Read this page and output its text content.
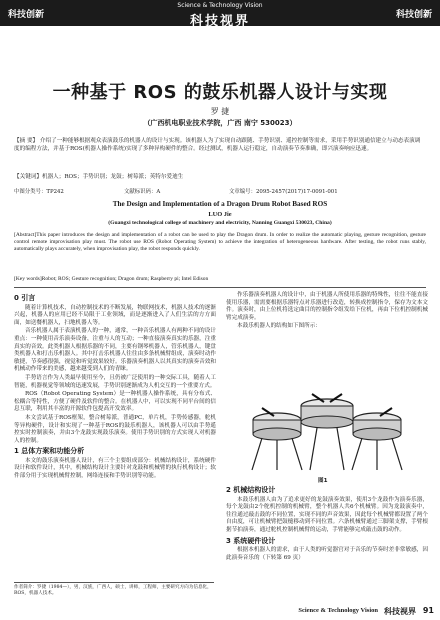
科技创新
Science & Technology Vision
科技视界	科技创新
一种基于 ROS 的鼓乐机器人设计与实现
罗 捷
（广西机电职业技术学院，广西 南宁 530023）
【摘 要】 介绍了一种能够根据观众表演鼓乐的机器人的设计与实现。该机器人为了实现自动跟随、手势识别、遥控控制等需求，采用手势识别通信建立与动态表演调度的编程方法，并基于ROS(机器人操作系统)实现了多种异构硬件的整合。经过测试，机器人运行稳定，自动演奏节奏准确，即兴演奏响应迅速。
【关键词】机器人；ROS；手势识别；龙鼓；树莓派；英特尔爱迪生
中图分类号：TP242	文献标识码：A	文章编号：2095-2457(2017)17-0091-001
The Design and Implementation of a Dragon Drum Robot Based ROS
LUO Jie
(Guangxi technological college of machinery and electricity, Nanning Guangxi 530023, China)
[Abstract]This paper introduces the design and implementation of a robot can be used to play the Dragon drum. In order to realize the automatic playing, gesture recognition, gesture control remote improvisation play must. The robot use ROS (Robot Operating System) to achieve the integration of heterogeneous hardware. After testing, the robot runs stably, automatically plays accurately, when improvisation play, the robot responds quickly.
[Key words]Robot; ROS; Gesture recognition; Dragon drum; Raspberry pi; Intel Edison
0 引言

随着计算机技术，自动控制技术的不断发展，物联网技术，机器人技术的逐渐兴起，机器人的应用已经不局限于工业领域，而是逐渐进入了人们生活的方方面面，如送餐机器人，扫地机器人等。

音乐机器人属于表演机器人的一种，通常，一种音乐机器人有两种不同的设计重点：一种使用音乐演奏设备，注重与人的互动；一种直接演奏真实的乐器，注重真实的音效。此类机器人根据乐器的不同，主要有钢琴机器人，管乐机器人，键盘类机器人和打击乐机器人。其中打击乐机器人往往由多条机械臂组成，演奏时动作敏捷，节奏感很强，视觉和听觉效果较好。乐器演奏机器人以其真实的演奏音效和机械动作带来的美感，越来越受到人们的青睐。

手势语言作为人类最早使用至今，且仍被广泛使用的一种交际工具，随着人工智能，机器视觉等领域的迅速发展，手势识别逐渐成为人机交互的一个重要方式。

ROS（Robot Operating System）是一种机器人操作系统，具有分布式、松耦合等特性，方便了硬件及软件的整合。在机器人中，可以实现不同平台间的信息互联，利用其丰富的开源软件包提高开发效率。

本文尝试基于ROS框架，整合树莓派，普通PC，单片机，手势传感器，舵机等异构硬件，设计和实现了一种基于ROS的鼓乐机器人，该机器人可以由手势遥控实时控制演奏，并由3个龙鼓实现鼓乐演奏。使用手势识别的方式实现人对机器人的控制。

1 总体方案和功能分析

本文的鼓乐演奏机器人设计，有三个主要组成部分：机械结构设计，系统硬件设计和软件设计，其中，机械结构设计主要针对龙鼓和机械臂的执行机构设计；软件部分用于实现机械臂控制，网络连接和手势识别等功能。

作乐器演奏机器人的设计中，由于机器人所使用乐器的特殊性，往往不能直接使用乐器，需需要根据乐器特点对乐器进行改造，转换成控制指令，保存为文本文件。演奏时，由上位机将选定曲目的控制指令组发给下位机，再由下位机控制机械臂完成演奏。

本鼓乐机器人的结构如下图所示：

图1
2 机械结构设计

本鼓乐机器人由为了追求更好的龙鼓演奏效果，使用3个龙鼓作为演奏乐器，每个龙鼓由2个舵机控制的机械臂，整个机器人共6个机械臂。因为龙鼓演奏中，往往通过敲击鼓的不同位置，实现不同的声音效果，因此每个机械臂都设置了两个自由度，可让机械臂把鼓槌移动到不同位置。六条机械臂通过三脚架支撑，手臂根据节拍演奏，通过舵机控制机械臂的运动，手臂能够完成敲击鼓的动作。

3 系统硬件设计

根据本机器人的需求，由于人类的听觉器官对于音乐的节奏时差非常敏感，因此演奏音乐的（下转第 69 页）

作者简介：罗捷（1984—），男，汉族，广西人，硕士，讲师，工程师，主要研究方向为信息化，ROS，机器人技术。
Science & Technology Vision 科技视界 91
